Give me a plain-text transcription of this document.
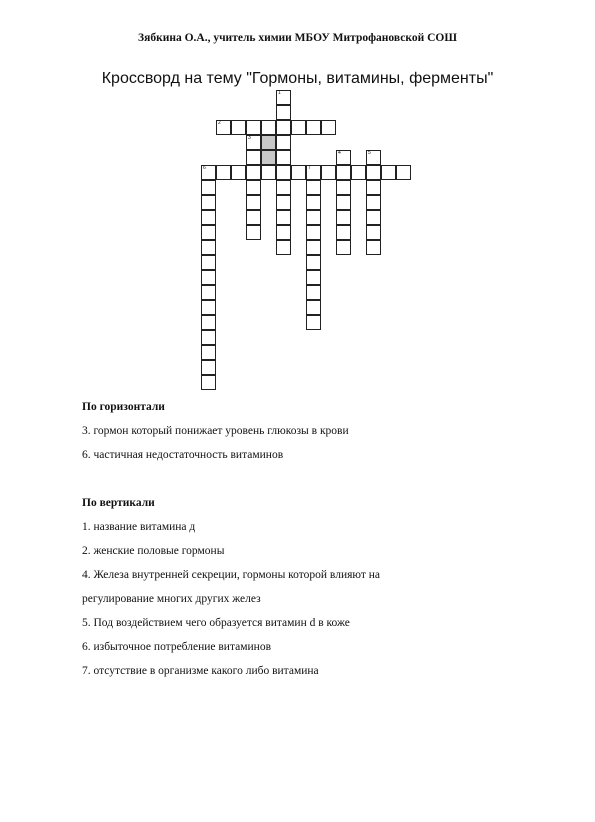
Зябкина О.А., учитель химии МБОУ Митрофановской СОШ
Кроссворд на тему "Гормоны, витамины, ферменты"
1
2
3
4	5
6	7
По горизонтали
3. гормон который понижает уровень глюкозы в крови
6. частичная недостаточность витаминов
По вертикали
1. название витамина д
2. женские половые гормоны
4. Железа внутренней секреции, гормоны которой влияют на
регулирование многих других желез
5. Под воздействием чего образуется витамин d в коже
6. избыточное потребление витаминов
7. отсутствие в организме какого либо витамина
